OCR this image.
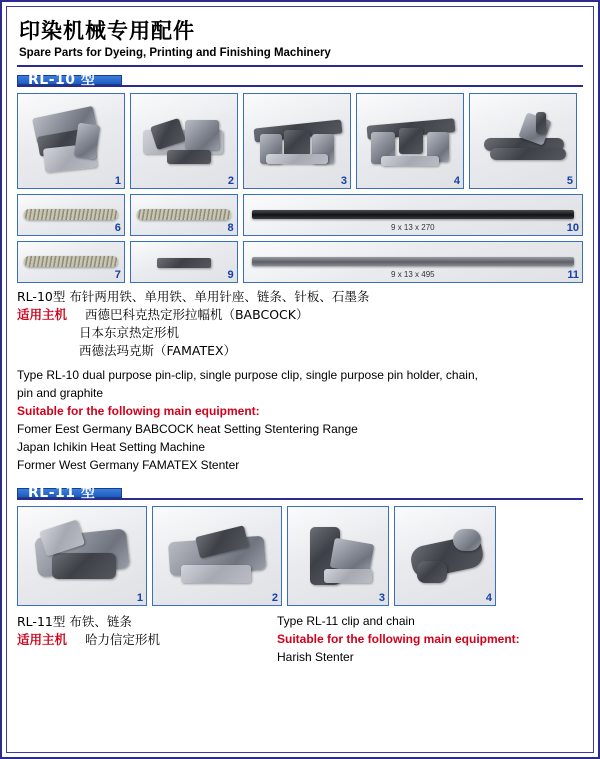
印染机械专用配件
Spare Parts for Dyeing, Printing and Finishing Machinery
RL-10 型
1	2	3	4	5
6	8	9 x 13 x 270	10
7	9	9 x 13 x 495	11
RL-10型 布针两用铁、单用铁、单用针座、链条、针板、石墨条
适用主机 西德巴科克热定形拉幅机（BABCOCK）
日本东京热定形机
西德法玛克斯（FAMATEX）
Type RL-10 dual purpose pin-clip, single purpose clip, single purpose pin holder, chain,
pin and graphite
Suitable for the following main equipment:
Fomer Eest Germany BABCOCK heat Setting Stentering Range
Japan Ichikin Heat Setting Machine
Former West Germany FAMATEX Stenter
RL-11 型
1	2	3	4
RL-11型 布铁、链条
适用主机 哈力信定形机
Type RL-11 clip and chain
Suitable for the following main equipment:
Harish Stenter
